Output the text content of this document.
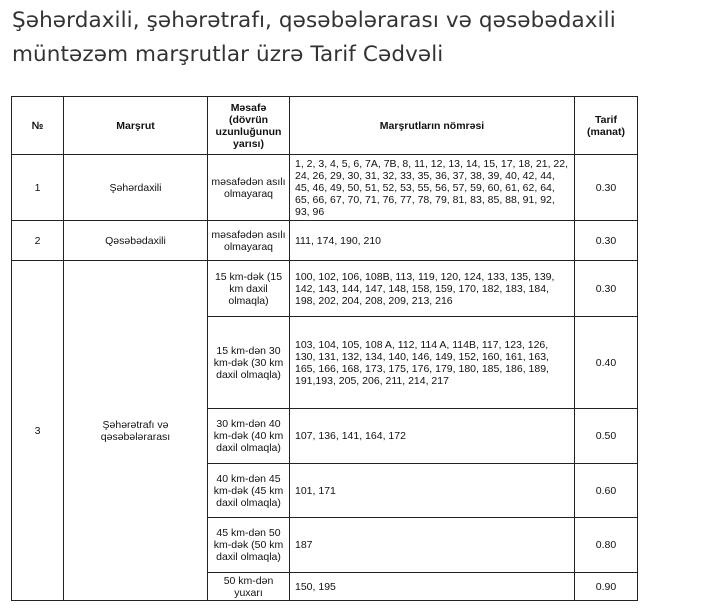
Şəhərdaxili, şəhərətrafı, qəsəbələrarası və qəsəbədaxili müntəzəm marşrutlar üzrə Tarif Cədvəli
№	Marşrut	Məsafə (dövrün uzunluğunun yarısı)	Marşrutların nömrəsi	Tarif (manat)
1	Şəhərdaxili	məsafədən asılı olmayaraq	1, 2, 3, 4, 5, 6, 7A, 7B, 8, 11, 12, 13, 14, 15, 17, 18, 21, 22, 24, 26, 29, 30, 31, 32, 33, 35, 36, 37, 38, 39, 40, 42, 44, 45, 46, 49, 50, 51, 52, 53, 55, 56, 57, 59, 60, 61, 62, 64, 65, 66, 67, 70, 71, 76, 77, 78, 79, 81, 83, 85, 88, 91, 92, 93, 96	0.30
2	Qəsəbədaxili	məsafədən asılı olmayaraq	111, 174, 190, 210	0.30
3	Şəhərətrafı və qəsəbələrarası	15 km-dək (15 km daxil olmaqla)	100, 102, 106, 108B, 113, 119, 120, 124, 133, 135, 139, 142, 143, 144, 147, 148, 158, 159, 170, 182, 183, 184, 198, 202, 204, 208, 209, 213, 216	0.30
		15 km-dən 30 km-dək (30 km daxil olmaqla)	103, 104, 105, 108 A, 112, 114 A, 114B, 117, 123, 126, 130, 131, 132, 134, 140, 146, 149, 152, 160, 161, 163, 165, 166, 168, 173, 175, 176, 179, 180, 185, 186, 189, 191,193, 205, 206, 211, 214, 217	0.40
		30 km-dən 40 km-dək (40 km daxil olmaqla)	107, 136, 141, 164, 172	0.50
		40 km-dən 45 km-dək (45 km daxil olmaqla)	101, 171	0.60
		45 km-dən 50 km-dək (50 km daxil olmaqla)	187	0.80
		50 km-dən yuxarı	150, 195	0.90
